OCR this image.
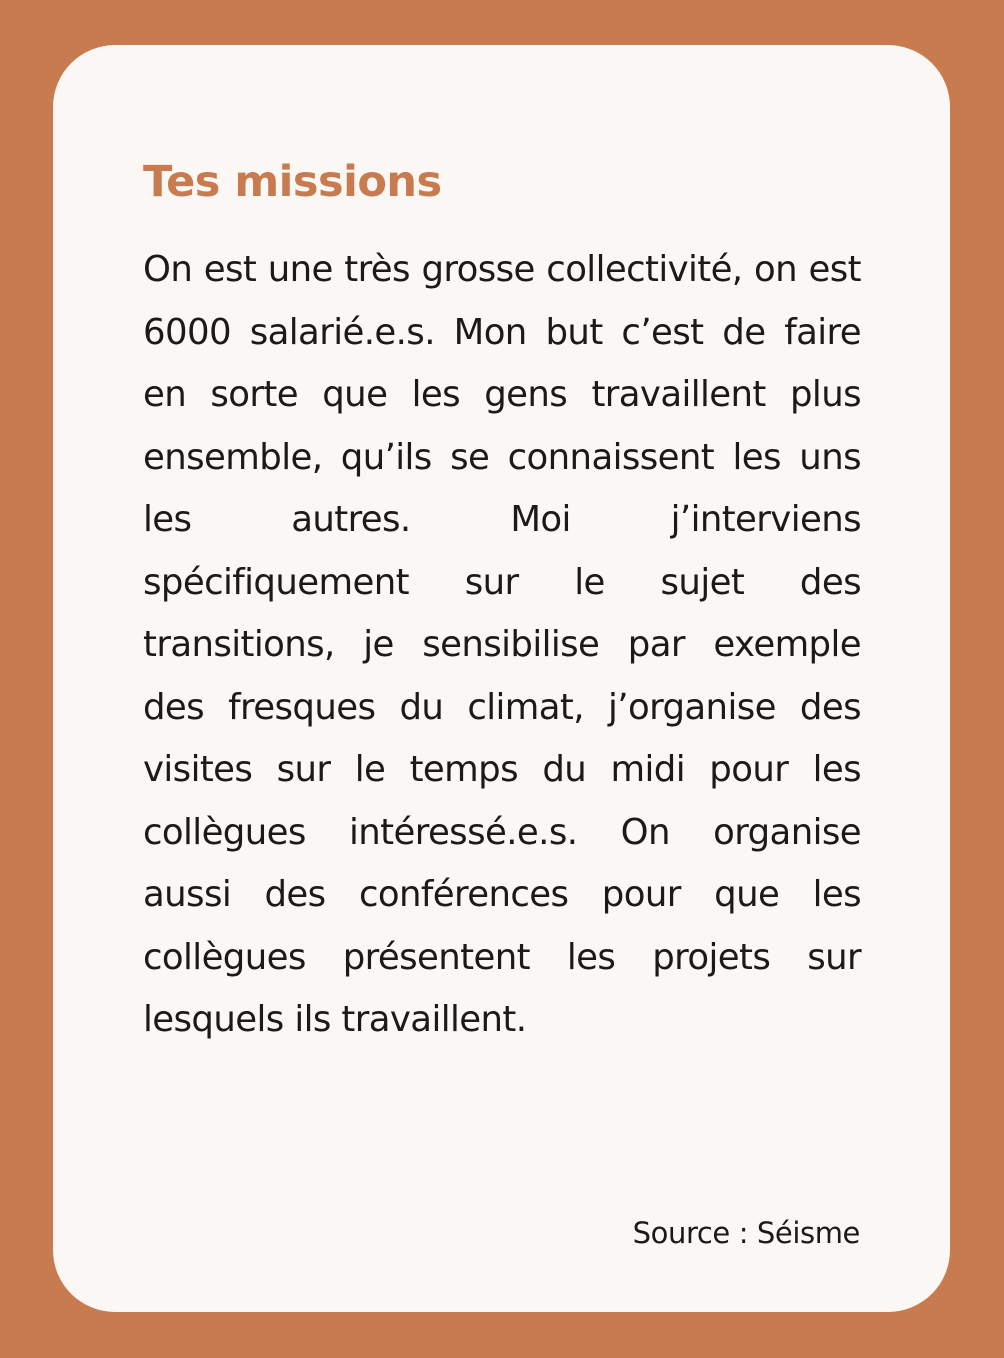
Tes missions

On est une très grosse collectivité, on est 6000 salarié.e.s. Mon but c’est de faire en sorte que les gens travaillent plus ensemble, qu’ils se connaissent les uns les autres. Moi j’interviens spécifiquement sur le sujet des transitions, je sensibilise par exemple des fresques du climat, j’organise des visites sur le temps du midi pour les collègues intéressé.e.s. On organise aussi des conférences pour que les collègues présentent les projets sur lesquels ils travaillent.

Source : Séisme
